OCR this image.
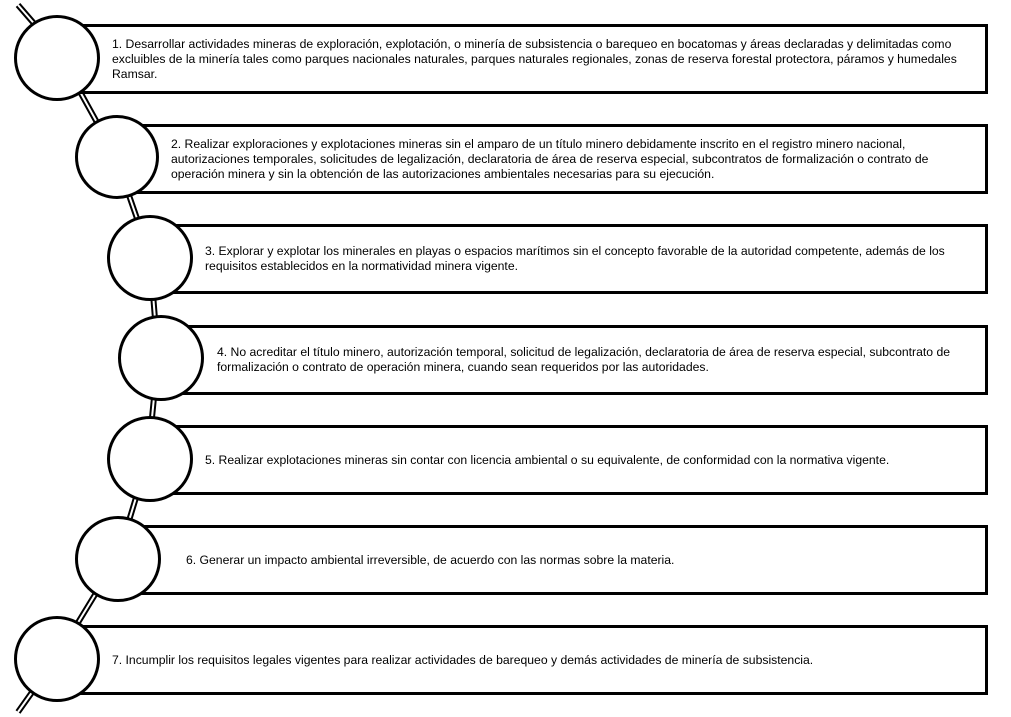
1. Desarrollar actividades mineras de exploración, explotación, o minería de subsistencia o barequeo en bocatomas y áreas declaradas y delimitadas como excluibles de la minería tales como parques nacionales naturales, parques naturales regionales, zonas de reserva forestal protectora, páramos y humedales Ramsar.
2. Realizar exploraciones y explotaciones mineras sin el amparo de un título minero debidamente inscrito en el registro minero nacional, autorizaciones temporales, solicitudes de legalización, declaratoria de área de reserva especial, subcontratos de formalización o contrato de operación minera y sin la obtención de las autorizaciones ambientales necesarias para su ejecución.
3. Explorar y explotar los minerales en playas o espacios marítimos sin el concepto favorable de la autoridad competente, además de los requisitos establecidos en la normatividad minera vigente.
4. No acreditar el título minero, autorización temporal, solicitud de legalización, declaratoria de área de reserva especial, subcontrato de formalización o contrato de operación minera, cuando sean requeridos por las autoridades.
5. Realizar explotaciones mineras sin contar con licencia ambiental o su equivalente, de conformidad con la normativa vigente.
6. Generar un impacto ambiental irreversible, de acuerdo con las normas sobre la materia.
7. Incumplir los requisitos legales vigentes para realizar actividades de barequeo y demás actividades de minería de subsistencia.
